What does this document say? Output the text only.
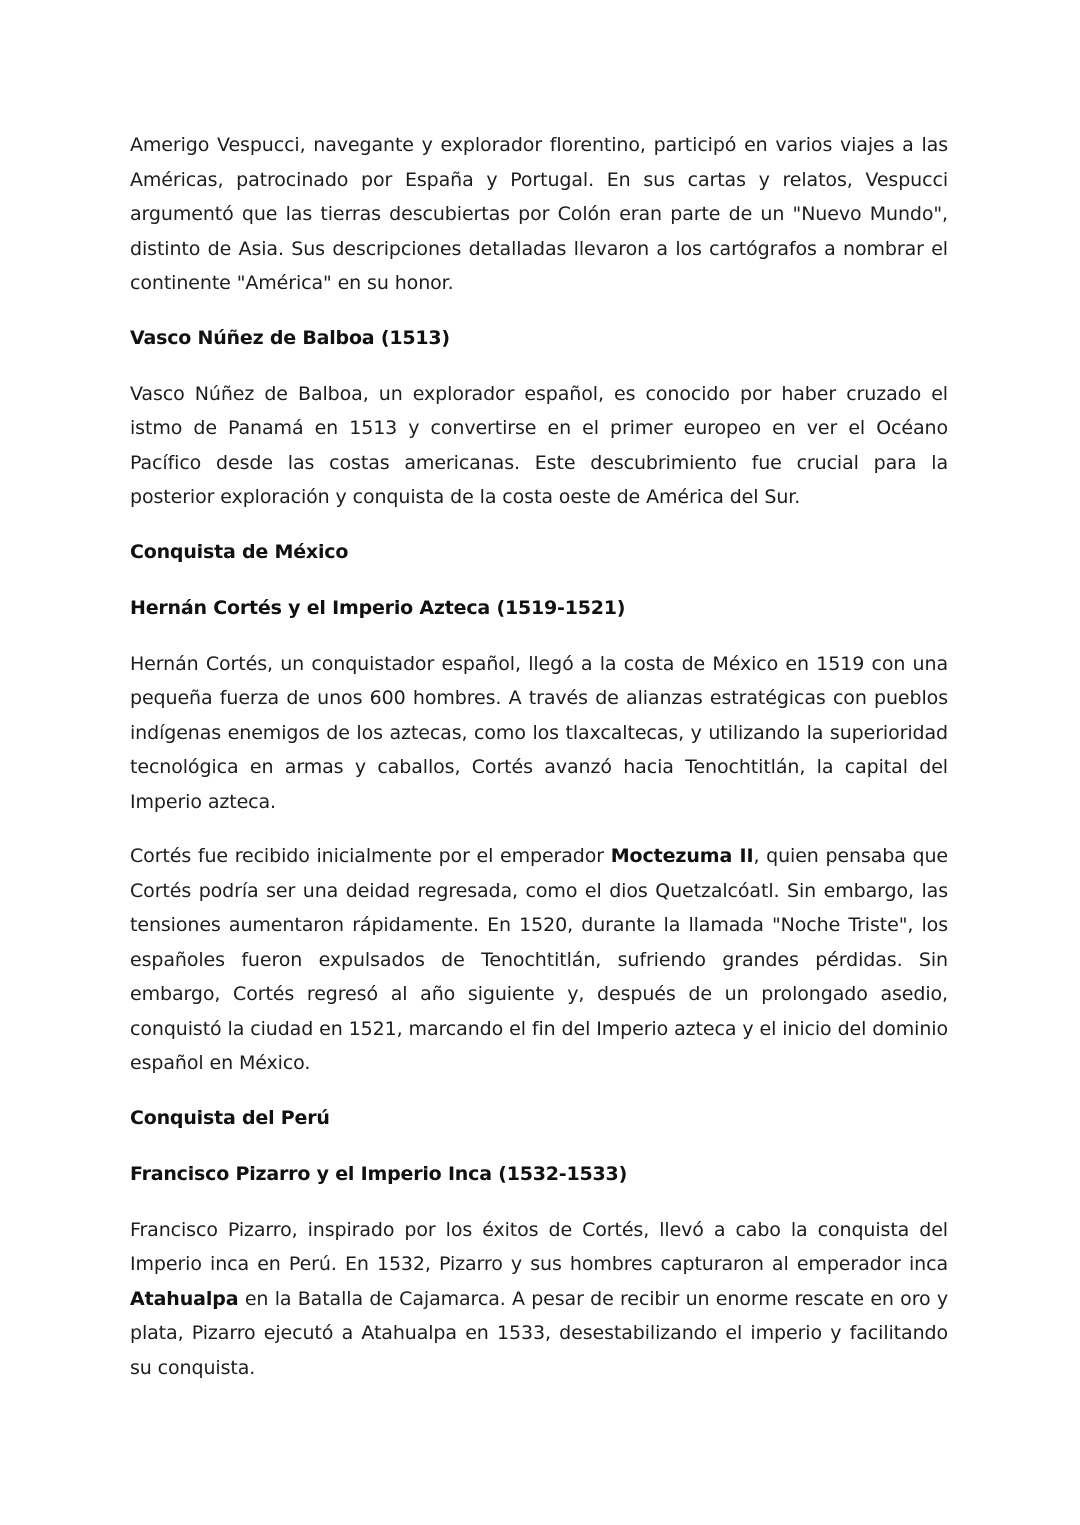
Amerigo Vespucci, navegante y explorador florentino, participó en varios viajes a las Américas, patrocinado por España y Portugal. En sus cartas y relatos, Vespucci argumentó que las tierras descubiertas por Colón eran parte de un "Nuevo Mundo", distinto de Asia. Sus descripciones detalladas llevaron a los cartógrafos a nombrar el continente "América" en su honor.

Vasco Núñez de Balboa (1513)

Vasco Núñez de Balboa, un explorador español, es conocido por haber cruzado el istmo de Panamá en 1513 y convertirse en el primer europeo en ver el Océano Pacífico desde las costas americanas. Este descubrimiento fue crucial para la posterior exploración y conquista de la costa oeste de América del Sur.

Conquista de México
Hernán Cortés y el Imperio Azteca (1519-1521)

Hernán Cortés, un conquistador español, llegó a la costa de México en 1519 con una pequeña fuerza de unos 600 hombres. A través de alianzas estratégicas con pueblos indígenas enemigos de los aztecas, como los tlaxcaltecas, y utilizando la superioridad tecnológica en armas y caballos, Cortés avanzó hacia Tenochtitlán, la capital del Imperio azteca.

Cortés fue recibido inicialmente por el emperador Moctezuma II, quien pensaba que Cortés podría ser una deidad regresada, como el dios Quetzalcóatl. Sin embargo, las tensiones aumentaron rápidamente. En 1520, durante la llamada "Noche Triste", los españoles fueron expulsados de Tenochtitlán, sufriendo grandes pérdidas. Sin embargo, Cortés regresó al año siguiente y, después de un prolongado asedio, conquistó la ciudad en 1521, marcando el fin del Imperio azteca y el inicio del dominio español en México.

Conquista del Perú
Francisco Pizarro y el Imperio Inca (1532-1533)

Francisco Pizarro, inspirado por los éxitos de Cortés, llevó a cabo la conquista del Imperio inca en Perú. En 1532, Pizarro y sus hombres capturaron al emperador inca Atahualpa en la Batalla de Cajamarca. A pesar de recibir un enorme rescate en oro y plata, Pizarro ejecutó a Atahualpa en 1533, desestabilizando el imperio y facilitando su conquista.
